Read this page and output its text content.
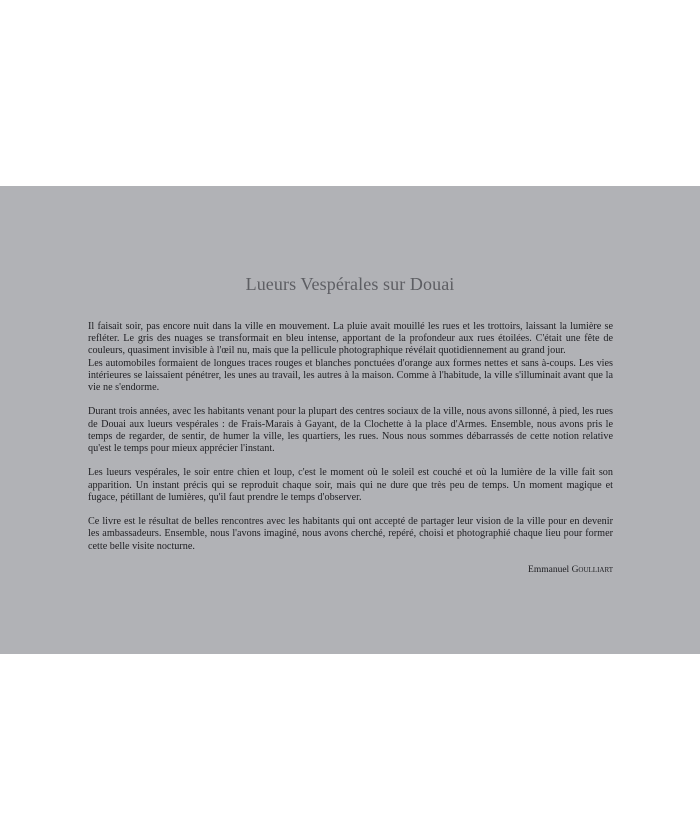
Lueurs Vespérales sur Douai

Il faisait soir, pas encore nuit dans la ville en mouvement. La pluie avait mouillé les rues et les trottoirs, laissant la lumière se refléter. Le gris des nuages se transformait en bleu intense, apportant de la profondeur aux rues étoilées. C'était une fête de couleurs, quasiment invisible à l'œil nu, mais que la pellicule photographique révélait quotidiennement au grand jour.

Les automobiles formaient de longues traces rouges et blanches ponctuées d'orange aux formes nettes et sans à-coups. Les vies intérieures se laissaient pénétrer, les unes au travail, les autres à la maison. Comme à l'habitude, la ville s'illuminait avant que la vie ne s'endorme.

Durant trois années, avec les habitants venant pour la plupart des centres sociaux de la ville, nous avons sillonné, à pied, les rues de Douai aux lueurs vespérales : de Frais-Marais à Gayant, de la Clochette à la place d'Armes. Ensemble, nous avons pris le temps de regarder, de sentir, de humer la ville, les quartiers, les rues. Nous nous sommes débarrassés de cette notion relative qu'est le temps pour mieux apprécier l'instant.

Les lueurs vespérales, le soir entre chien et loup, c'est le moment où le soleil est couché et où la lumière de la ville fait son apparition. Un instant précis qui se reproduit chaque soir, mais qui ne dure que très peu de temps. Un moment magique et fugace, pétillant de lumières, qu'il faut prendre le temps d'observer.

Ce livre est le résultat de belles rencontres avec les habitants qui ont accepté de partager leur vision de la ville pour en devenir les ambassadeurs. Ensemble, nous l'avons imaginé, nous avons cherché, repéré, choisi et photographié chaque lieu pour former cette belle visite nocturne.

Emmanuel Goulliart
